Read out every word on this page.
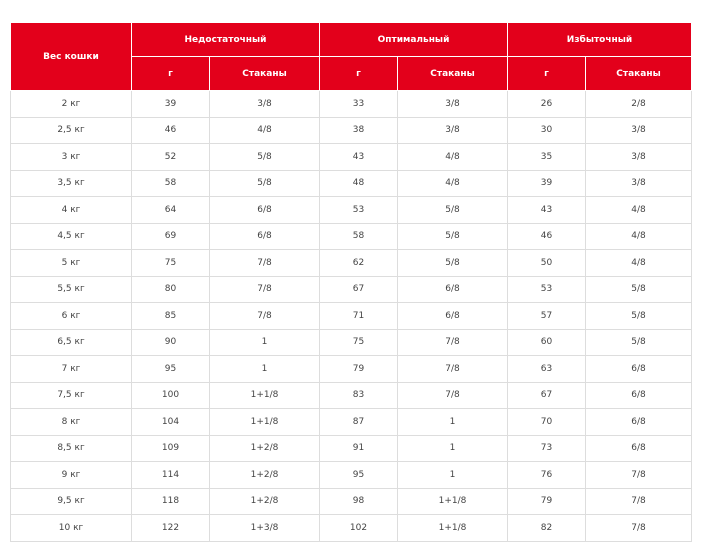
Вес кошки	Недостаточный		Оптимальный		Избыточный	
	г	Стаканы	г	Стаканы	г	Стаканы
2 кг	39	3/8	33	3/8	26	2/8
2,5 кг	46	4/8	38	3/8	30	3/8
3 кг	52	5/8	43	4/8	35	3/8
3,5 кг	58	5/8	48	4/8	39	3/8
4 кг	64	6/8	53	5/8	43	4/8
4,5 кг	69	6/8	58	5/8	46	4/8
5 кг	75	7/8	62	5/8	50	4/8
5,5 кг	80	7/8	67	6/8	53	5/8
6 кг	85	7/8	71	6/8	57	5/8
6,5 кг	90	1	75	7/8	60	5/8
7 кг	95	1	79	7/8	63	6/8
7,5 кг	100	1+1/8	83	7/8	67	6/8
8 кг	104	1+1/8	87	1	70	6/8
8,5 кг	109	1+2/8	91	1	73	6/8
9 кг	114	1+2/8	95	1	76	7/8
9,5 кг	118	1+2/8	98	1+1/8	79	7/8
10 кг	122	1+3/8	102	1+1/8	82	7/8
